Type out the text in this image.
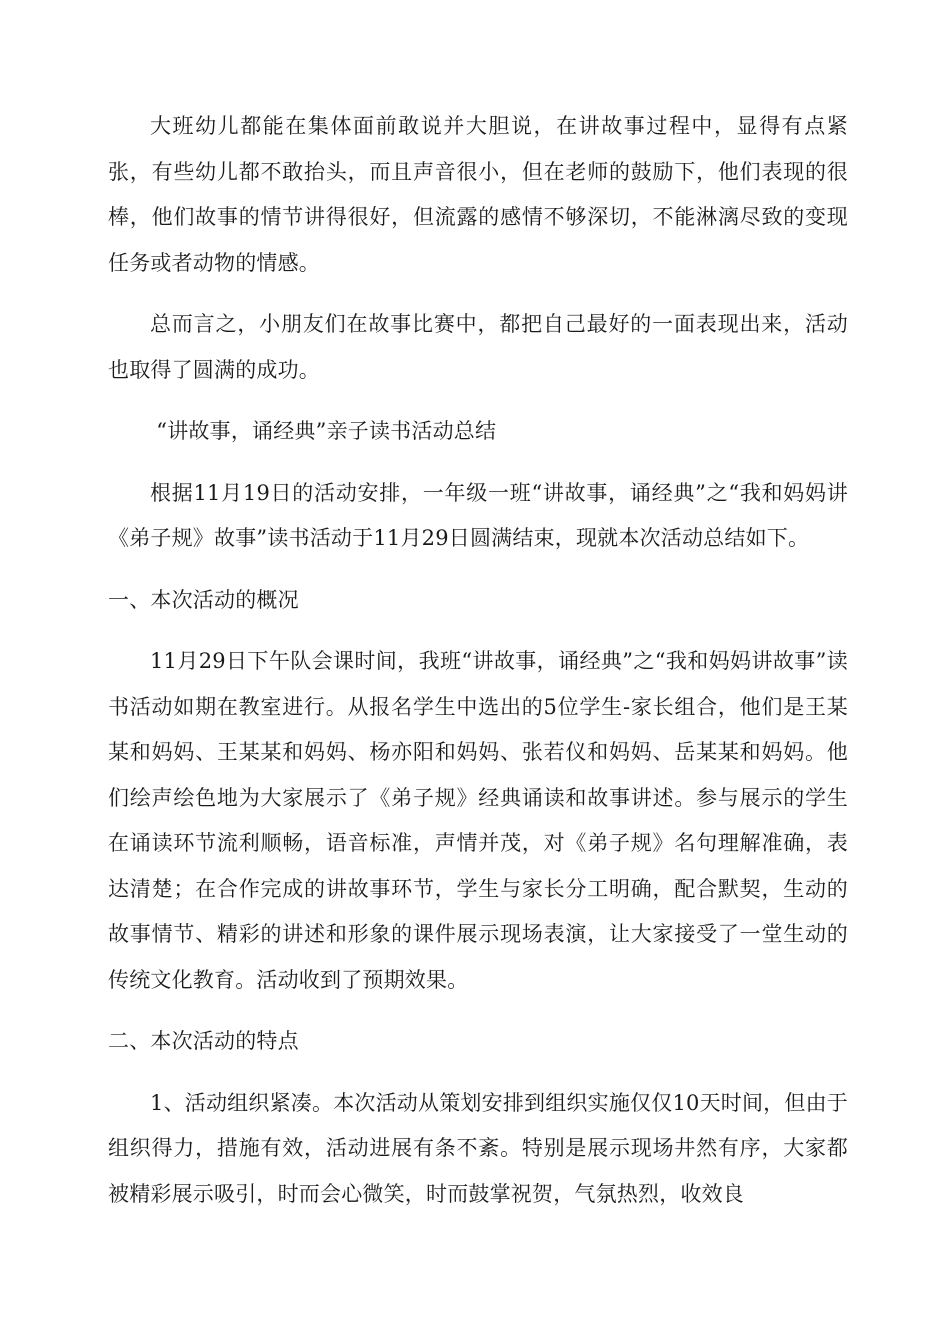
大班幼儿都能在集体面前敢说并大胆说，在讲故事过程中，显得有点紧张，有些幼儿都不敢抬头，而且声音很小，但在老师的鼓励下，他们表现的很棒，他们故事的情节讲得很好，但流露的感情不够深切，不能淋漓尽致的变现任务或者动物的情感。

总而言之，小朋友们在故事比赛中，都把自己最好的一面表现出来，活动也取得了圆满的成功。

“讲故事，诵经典”亲子读书活动总结

根据11月19日的活动安排，一年级一班“讲故事，诵经典”之“我和妈妈讲《弟子规》故事”读书活动于11月29日圆满结束，现就本次活动总结如下。

一、本次活动的概况

11月29日下午队会课时间，我班“讲故事，诵经典”之“我和妈妈讲故事”读书活动如期在教室进行。从报名学生中选出的5位学生-家长组合，他们是王某某和妈妈、王某某和妈妈、杨亦阳和妈妈、张若仪和妈妈、岳某某和妈妈。他们绘声绘色地为大家展示了《弟子规》经典诵读和故事讲述。参与展示的学生在诵读环节流利顺畅，语音标准，声情并茂，对《弟子规》名句理解准确，表达清楚；在合作完成的讲故事环节，学生与家长分工明确，配合默契，生动的故事情节、精彩的讲述和形象的课件展示现场表演，让大家接受了一堂生动的传统文化教育。活动收到了预期效果。

二、本次活动的特点

1、活动组织紧凑。本次活动从策划安排到组织实施仅仅10天时间，但由于组织得力，措施有效，活动进展有条不紊。特别是展示现场井然有序，大家都被精彩展示吸引，时而会心微笑，时而鼓掌祝贺，气氛热烈，收效良
